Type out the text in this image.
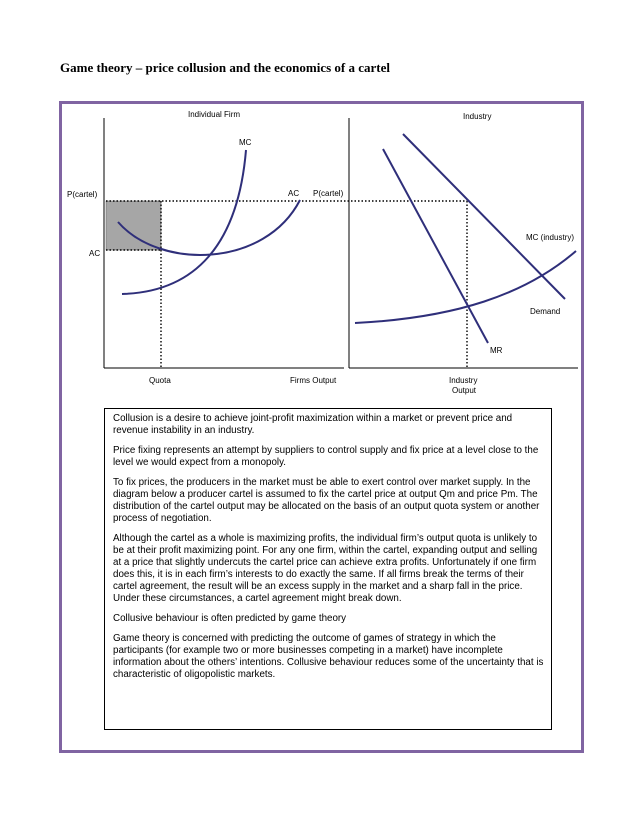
Game theory – price collusion and the economics of a cartel
Individual Firm
MC
P(cartel)	AC P(cartel)
AC
Quota	Firms Output
Industry
MC (industry)
Demand
MR
Industry
Output

Collusion is a desire to achieve joint-profit maximization within a market or prevent price and revenue instability in an industry.

Price fixing represents an attempt by suppliers to control supply and fix price at a level close to the level we would expect from a monopoly.

To fix prices, the producers in the market must be able to exert control over market supply. In the diagram below a producer cartel is assumed to fix the cartel price at output Qm and price Pm. The distribution of the cartel output may be allocated on the basis of an output quota system or another process of negotiation.

Although the cartel as a whole is maximizing profits, the individual firm’s output quota is unlikely to be at their profit maximizing point. For any one firm, within the cartel, expanding output and selling at a price that slightly undercuts the cartel price can achieve extra profits. Unfortunately if one firm does this, it is in each firm’s interests to do exactly the same. If all firms break the terms of their cartel agreement, the result will be an excess supply in the market and a sharp fall in the price. Under these circumstances, a cartel agreement might break down.

Collusive behaviour is often predicted by game theory

Game theory is concerned with predicting the outcome of games of strategy in which the participants (for example two or more businesses competing in a market) have incomplete information about the others’ intentions. Collusive behaviour reduces some of the uncertainty that is characteristic of oligopolistic markets.
